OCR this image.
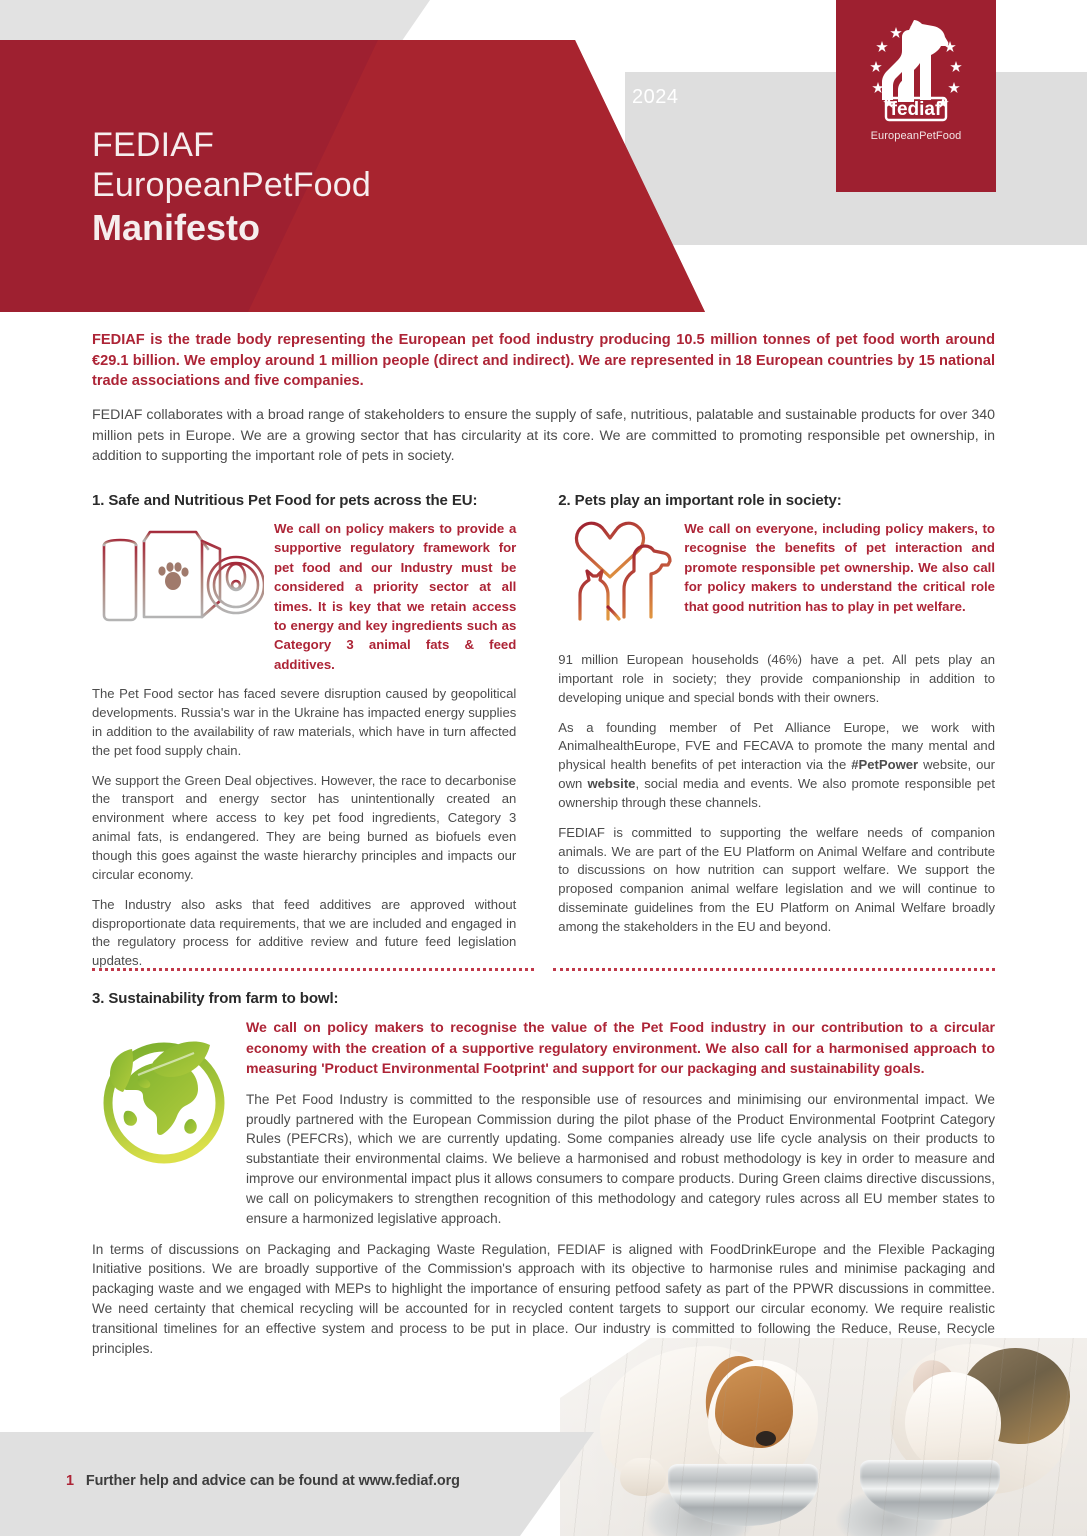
2024
FEDIAF
EuropeanPetFood
Manifesto
fediaf
EuropeanPetFood

FEDIAF is the trade body representing the European pet food industry producing 10.5 million tonnes of pet food worth around €29.1 billion. We employ around 1 million people (direct and indirect). We are represented in 18 European countries by 15 national trade associations and five companies.

FEDIAF collaborates with a broad range of stakeholders to ensure the supply of safe, nutritious, palatable and sustainable products for over 340 million pets in Europe. We are a growing sector that has circularity at its core. We are committed to promoting responsible pet ownership, in addition to supporting the important role of pets in society.

1. Safe and Nutritious Pet Food for pets across the EU:

We call on policy makers to provide a supportive regulatory framework for pet food and our Industry must be considered a priority sector at all times. It is key that we retain access to energy and key ingredients such as Category 3 animal fats & feed additives.

The Pet Food sector has faced severe disruption caused by geopolitical developments. Russia's war in the Ukraine has impacted energy supplies in addition to the availability of raw materials, which have in turn affected the pet food supply chain.

We support the Green Deal objectives. However, the race to decarbonise the transport and energy sector has unintentionally created an environment where access to key pet food ingredients, Category 3 animal fats, is endangered. They are being burned as biofuels even though this goes against the waste hierarchy principles and impacts our circular economy.

The Industry also asks that feed additives are approved without disproportionate data requirements, that we are included and engaged in the regulatory process for additive review and future feed legislation updates.

2. Pets play an important role in society:

We call on everyone, including policy makers, to recognise the benefits of pet interaction and promote responsible pet ownership. We also call for policy makers to understand the critical role that good nutrition has to play in pet welfare.

91 million European households (46%) have a pet. All pets play an important role in society; they provide companionship in addition to developing unique and special bonds with their owners.

As a founding member of Pet Alliance Europe, we work with AnimalhealthEurope, FVE and FECAVA to promote the many mental and physical health benefits of pet interaction via the #PetPower website, our own website, social media and events. We also promote responsible pet ownership through these channels.

FEDIAF is committed to supporting the welfare needs of companion animals. We are part of the EU Platform on Animal Welfare and contribute to discussions on how nutrition can support welfare. We support the proposed companion animal welfare legislation and we will continue to disseminate guidelines from the EU Platform on Animal Welfare broadly among the stakeholders in the EU and beyond.

3. Sustainability from farm to bowl:

We call on policy makers to recognise the value of the Pet Food industry in our contribution to a circular economy with the creation of a supportive regulatory environment. We also call for a harmonised approach to measuring 'Product Environmental Footprint' and support for our packaging and sustainability goals.

The Pet Food Industry is committed to the responsible use of resources and minimising our environmental impact. We proudly partnered with the European Commission during the pilot phase of the Product Environmental Footprint Category Rules (PEFCRs), which we are currently updating. Some companies already use life cycle analysis on their products to substantiate their environmental claims. We believe a harmonised and robust methodology is key in order to measure and improve our environmental impact plus it allows consumers to compare products. During Green claims directive discussions, we call on policymakers to strengthen recognition of this methodology and category rules across all EU member states to ensure a harmonized legislative approach.

In terms of discussions on Packaging and Packaging Waste Regulation, FEDIAF is aligned with FoodDrinkEurope and the Flexible Packaging Initiative positions. We are broadly supportive of the Commission's approach with its objective to harmonise rules and minimise packaging and packaging waste and we engaged with MEPs to highlight the importance of ensuring petfood safety as part of the PPWR discussions in committee. We need certainty that chemical recycling will be accounted for in recycled content targets to support our circular economy. We require realistic transitional timelines for an effective system and process to be put in place. Our industry is committed to following the Reduce, Reuse, Recycle principles.

1 Further help and advice can be found at www.fediaf.org
